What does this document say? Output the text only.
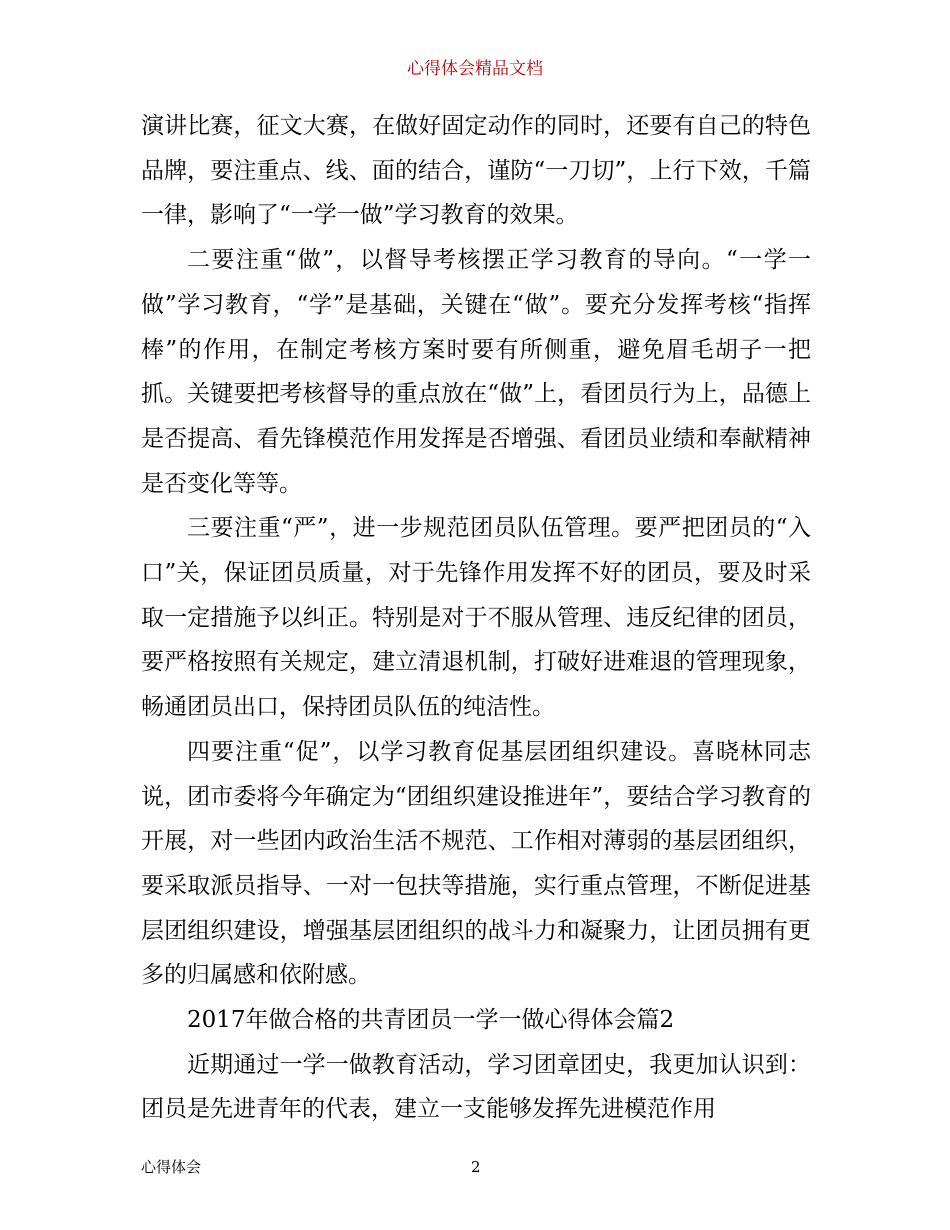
心得体会精品文档

演讲比赛，征文大赛，在做好固定动作的同时，还要有自己的特色品牌，要注重点、线、面的结合，谨防“一刀切”，上行下效，千篇一律，影响了“一学一做”学习教育的效果。

二要注重“做”，以督导考核摆正学习教育的导向。“一学一做”学习教育，“学”是基础，关键在“做”。要充分发挥考核“指挥棒”的作用，在制定考核方案时要有所侧重，避免眉毛胡子一把抓。关键要把考核督导的重点放在“做”上，看团员行为上，品德上是否提高、看先锋模范作用发挥是否增强、看团员业绩和奉献精神是否变化等等。

三要注重“严”，进一步规范团员队伍管理。要严把团员的“入口”关，保证团员质量，对于先锋作用发挥不好的团员，要及时采取一定措施予以纠正。特别是对于不服从管理、违反纪律的团员，要严格按照有关规定，建立清退机制，打破好进难退的管理现象，畅通团员出口，保持团员队伍的纯洁性。

四要注重“促”，以学习教育促基层团组织建设。喜晓林同志说，团市委将今年确定为“团组织建设推进年”，要结合学习教育的开展，对一些团内政治生活不规范、工作相对薄弱的基层团组织，要采取派员指导、一对一包扶等措施，实行重点管理，不断促进基层团组织建设，增强基层团组织的战斗力和凝聚力，让团员拥有更多的归属感和依附感。

2017年做合格的共青团员一学一做心得体会篇2

近期通过一学一做教育活动，学习团章团史，我更加认识到：团员是先进青年的代表，建立一支能够发挥先进模范作用

心得体会	2
